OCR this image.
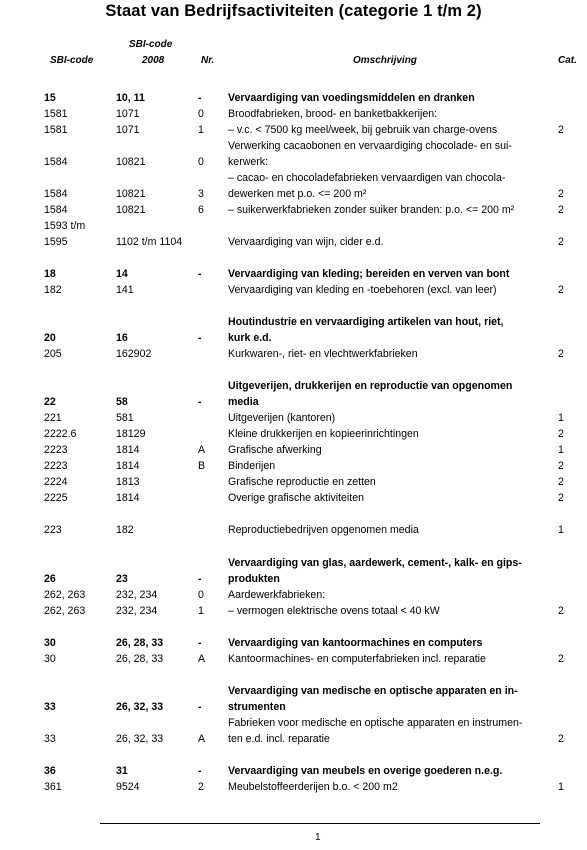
Staat van Bedrijfsactiviteiten (categorie 1 t/m 2)
SBI-code
SBI-code
2008	Nr.	Omschrijving	Cat.
15	10, 11	- Vervaardiging van voedingsmiddelen en dranken
1581	1071	0 Broodfabrieken, brood- en banketbakkerijen:
1581	1071	1 – v.c. < 7500 kg meel/week, bij gebruik van charge-ovens	2
Verwerking cacaobonen en vervaardiging chocolade- en sui-
1584	10821	0 kerwerk:
– cacao- en chocoladefabrieken vervaardigen van chocola-
1584	10821	3 dewerken met p.o. <= 200 m²	2
1584	10821	6 – suikerwerkfabrieken zonder suiker branden: p.o. <= 200 m²	2
1593 t/m
1595	1102 t/m 1104	Vervaardiging van wijn, cider e.d.	2
18	14	- Vervaardiging van kleding; bereiden en verven van bont
182	141	Vervaardiging van kleding en -toebehoren (excl. van leer)	2
Houtindustrie en vervaardiging artikelen van hout, riet,
20	16	- kurk e.d.
205	162902	Kurkwaren-, riet- en vlechtwerkfabrieken	2
Uitgeverijen, drukkerijen en reproductie van opgenomen
22	58	- media
221	581	Uitgeverijen (kantoren)	1
2222.6	18129	Kleine drukkerijen en kopieerinrichtingen	2
2223	1814	A Grafische afwerking	1
2223	1814	B Binderijen	2
2224	1813	Grafische reproductie en zetten	2
2225	1814	Overige grafische aktiviteiten	2
223	182	Reproductiebedrijven opgenomen media	1
Vervaardiging van glas, aardewerk, cement-, kalk- en gips-
26	23	- produkten
262, 263	232, 234	0 Aardewerkfabrieken:
262, 263	232, 234	1 – vermogen elektrische ovens totaal < 40 kW	2
30	26, 28, 33	- Vervaardiging van kantoormachines en computers
30	26, 28, 33	A Kantoormachines- en computerfabrieken incl. reparatie	2
Vervaardiging van medische en optische apparaten en in-
33	26, 32, 33	- strumenten
Fabrieken voor medische en optische apparaten en instrumen-
33	26, 32, 33	A ten e.d. incl. reparatie	2
36	31	- Vervaardiging van meubels en overige goederen n.e.g.
361	9524	2 Meubelstoffeerderijen b.o. < 200 m2	1
1
